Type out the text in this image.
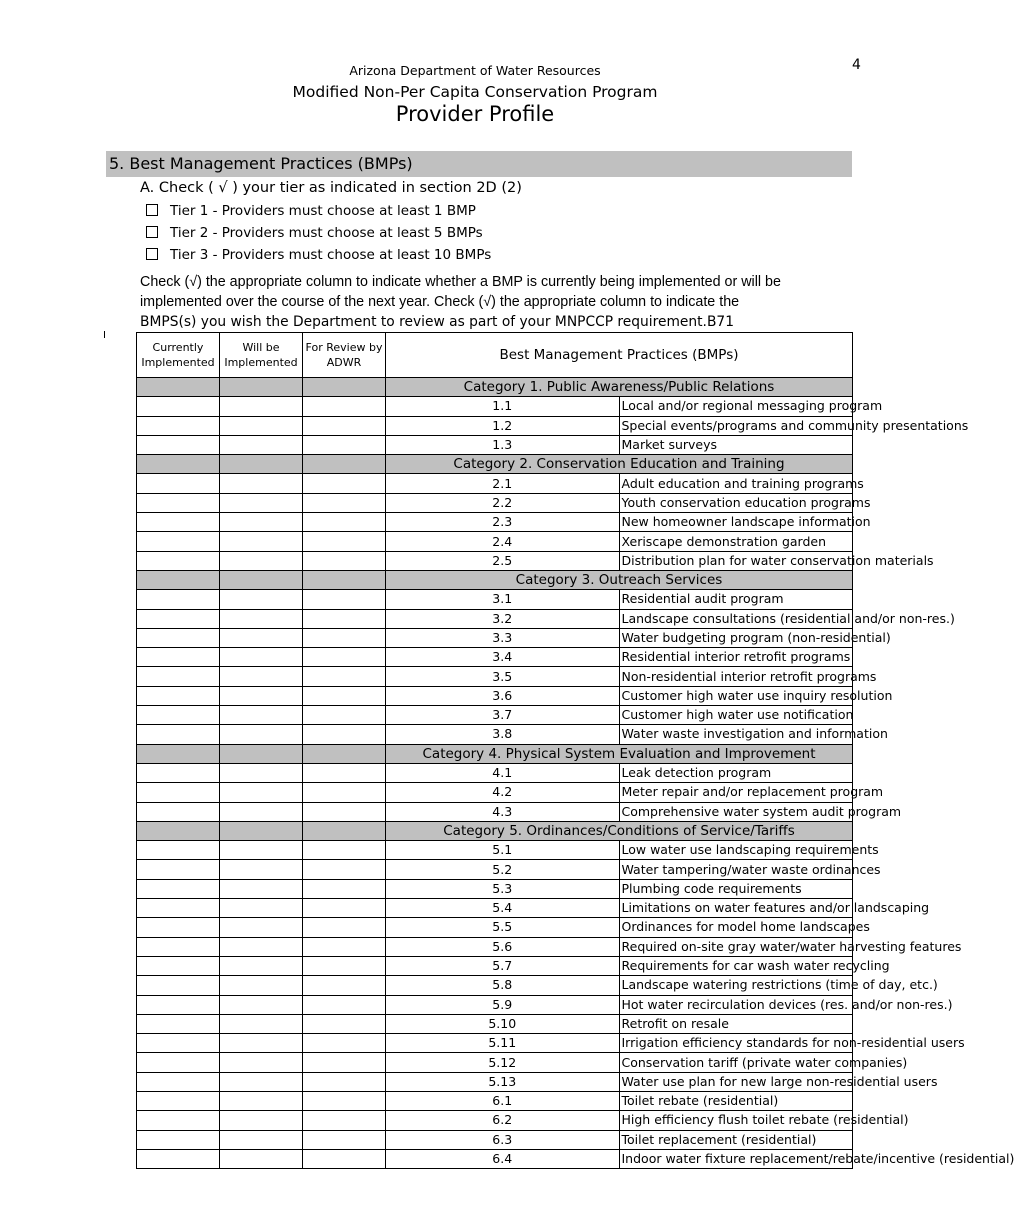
4
Arizona Department of Water Resources
Modified Non-Per Capita Conservation Program
Provider Profile
5. Best Management Practices (BMPs)
A. Check ( √ ) your tier as indicated in section 2D (2)
Tier 1 - Providers must choose at least 1 BMP
Tier 2 - Providers must choose at least 5 BMPs
Tier 3 - Providers must choose at least 10 BMPs
Check (√) the appropriate column to indicate whether a BMP is currently being implemented or will be implemented over the course of the next year. Check (√) the appropriate column to indicate the
BMPS(s) you wish the Department to review as part of your MNPCCP requirement.B71
Currently Implemented	Will be Implemented	For Review by ADWR	Best Management Practices (BMPs)	
			Category 1. Public Awareness/Public Relations	
			1.1	Local and/or regional messaging program
			1.2	Special events/programs and community presentations
			1.3	Market surveys
			Category 2. Conservation Education and Training	
			2.1	Adult education and training programs
			2.2	Youth conservation education programs
			2.3	New homeowner landscape information
			2.4	Xeriscape demonstration garden
			2.5	Distribution plan for water conservation materials
			Category 3. Outreach Services	
			3.1	Residential audit program
			3.2	Landscape consultations (residential and/or non-res.)
			3.3	Water budgeting program (non-residential)
			3.4	Residential interior retrofit programs
			3.5	Non-residential interior retrofit programs
			3.6	Customer high water use inquiry resolution
			3.7	Customer high water use notification
			3.8	Water waste investigation and information
			Category 4. Physical System Evaluation and Improvement	
			4.1	Leak detection program
			4.2	Meter repair and/or replacement program
			4.3	Comprehensive water system audit program
			Category 5. Ordinances/Conditions of Service/Tariffs	
			5.1	Low water use landscaping requirements
			5.2	Water tampering/water waste ordinances
			5.3	Plumbing code requirements
			5.4	Limitations on water features and/or landscaping
			5.5	Ordinances for model home landscapes
			5.6	Required on-site gray water/water harvesting features
			5.7	Requirements for car wash water recycling
			5.8	Landscape watering restrictions (time of day, etc.)
			5.9	Hot water recirculation devices (res. and/or non-res.)
			5.10	Retrofit on resale
			5.11	Irrigation efficiency standards for non-residential users
			5.12	Conservation tariff (private water companies)
			5.13	Water use plan for new large non-residential users
			6.1	Toilet rebate (residential)
			6.2	High efficiency flush toilet rebate (residential)
			6.3	Toilet replacement (residential)
			6.4	Indoor water fixture replacement/rebate/incentive (residential)
